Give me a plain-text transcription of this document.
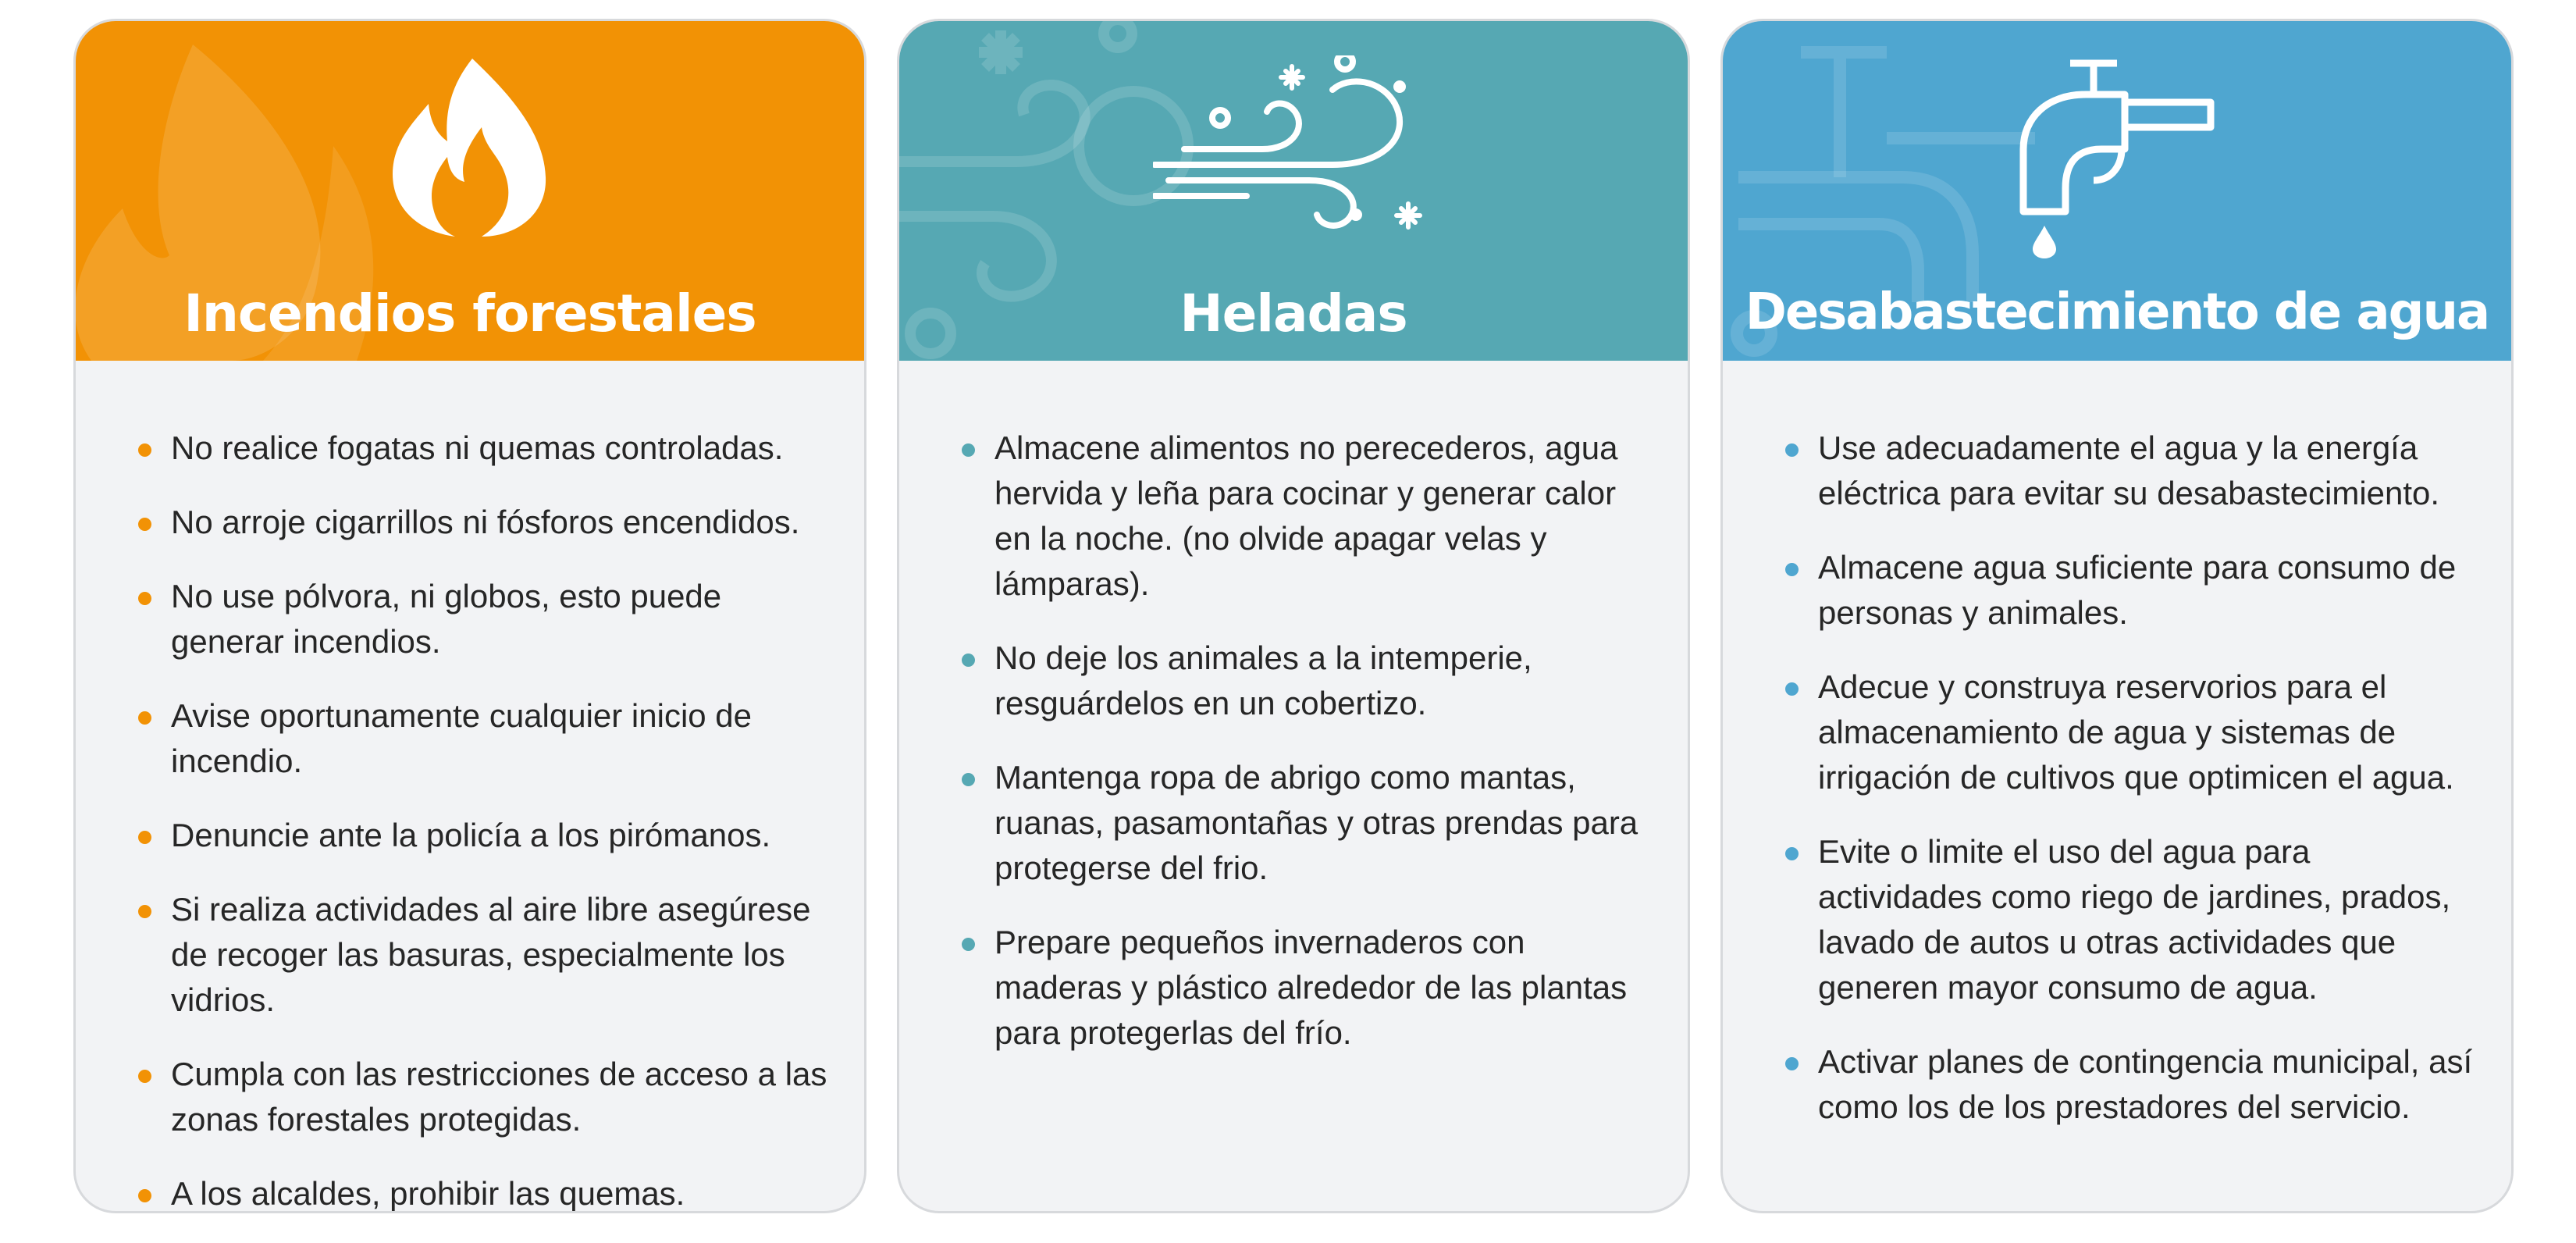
Incendios forestales
No realice fogatas ni quemas controladas.
No arroje cigarrillos ni fósforos encendidos.
No use pólvora, ni globos, esto puede generar incendios.
Avise oportunamente cualquier inicio de incendio.
Denuncie ante la policía a los pirómanos.
Si realiza actividades al aire libre asegúrese de recoger las basuras, especialmente los vidrios.
Cumpla con las restricciones de acceso a las zonas forestales protegidas.
A los alcaldes, prohibir las quemas.
Heladas
Almacene alimentos no perecederos, agua hervida y leña para cocinar y generar calor en la noche. (no olvide apagar velas y lámparas).
No deje los animales a la intemperie, resguárdelos en un cobertizo.
Mantenga ropa de abrigo como mantas, ruanas, pasamontañas y otras prendas para protegerse del frio.
Prepare pequeños invernaderos con maderas y plástico alrededor de las plantas para protegerlas del frío.
Desabastecimiento de agua
Use adecuadamente el agua y la energía eléctrica para evitar su desabastecimiento.
Almacene agua suficiente para consumo de personas y animales.
Adecue y construya reservorios para el almacenamiento de agua y sistemas de irrigación de cultivos que optimicen el agua.
Evite o limite el uso del agua para actividades como riego de jardines, prados, lavado de autos u otras actividades que generen mayor consumo de agua.
Activar planes de contingencia municipal, así como los de los prestadores del servicio.
